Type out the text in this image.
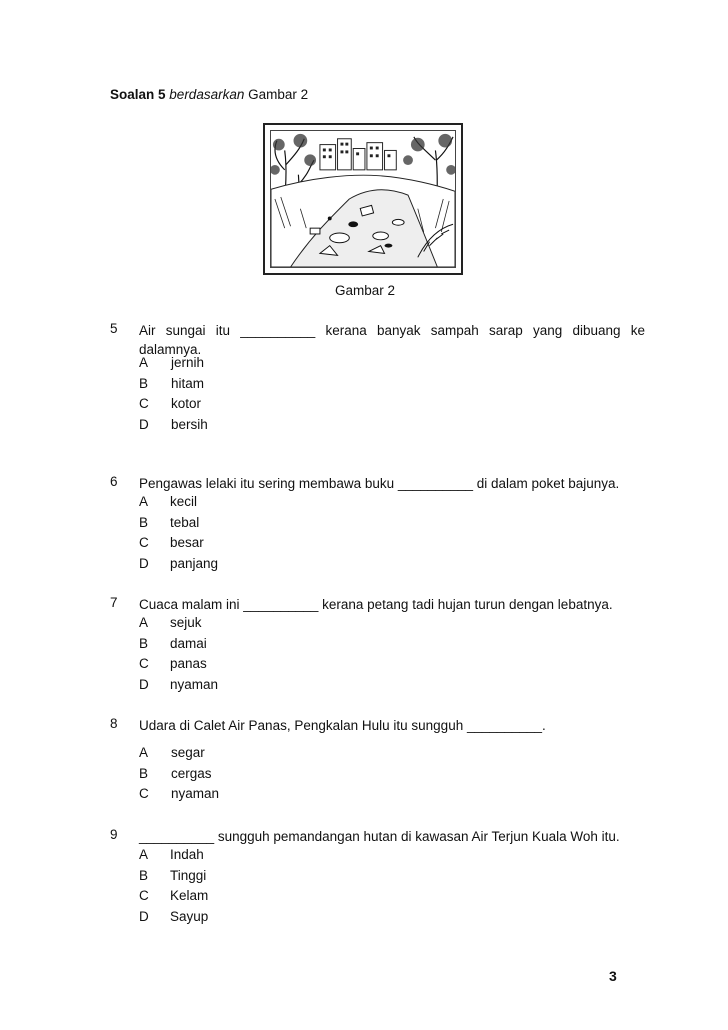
Soalan 5 berdasarkan Gambar 2
Gambar 2
5 Air sungai itu __________ kerana banyak sampah sarap yang dibuang ke dalamnya.
A jernih
B hitam
C kotor
D bersih
6 Pengawas lelaki itu sering membawa buku __________ di dalam poket bajunya.
A kecil
B tebal
C besar
D panjang
7 Cuaca malam ini __________ kerana petang tadi hujan turun dengan lebatnya.
A sejuk
B damai
C panas
D nyaman
8 Udara di Calet Air Panas, Pengkalan Hulu itu sungguh __________.
A segar
B cergas
C nyaman
9 __________ sungguh pemandangan hutan di kawasan Air Terjun Kuala Woh itu.
A Indah
B Tinggi
C Kelam
D Sayup
3
